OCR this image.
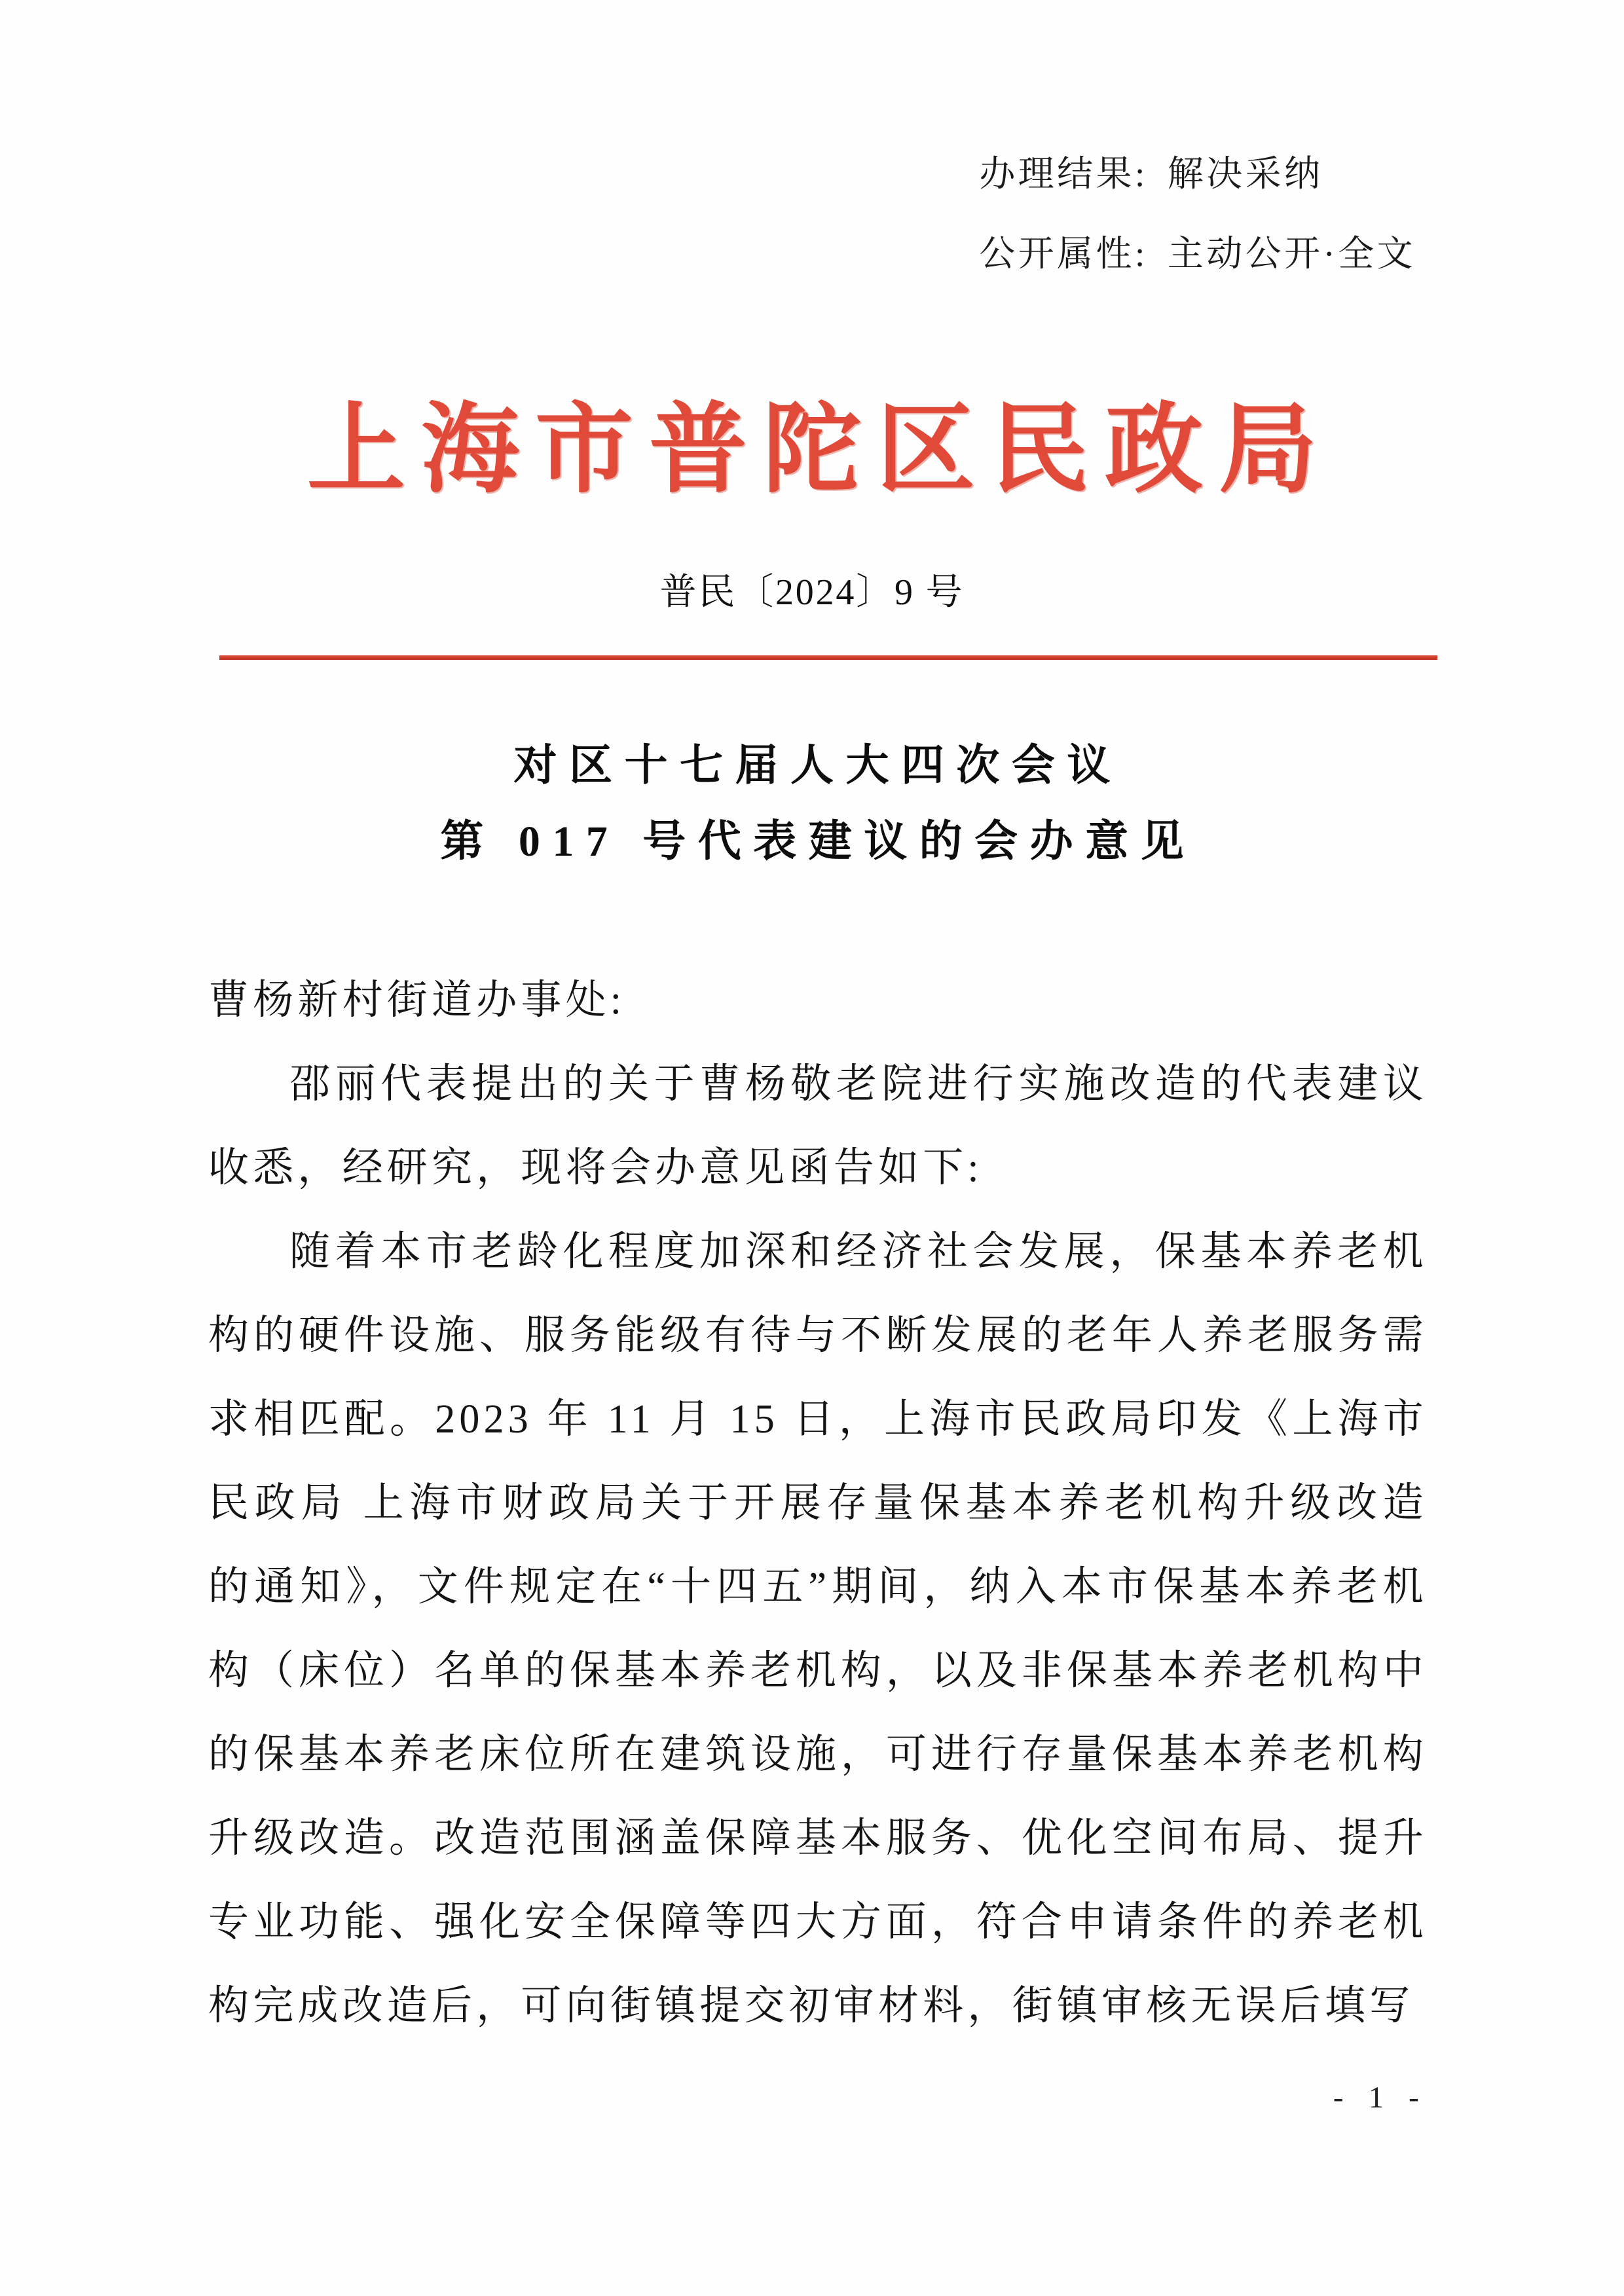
办理结果: 解决采纳
公开属性: 主动公开·全文
上海市普陀区民政局
普民〔2024〕9 号
对区十七届人大四次会议
第 017 号代表建议的会办意见

曹杨新村街道办事处:

邵丽代表提出的关于曹杨敬老院进行实施改造的代表建议收悉，经研究，现将会办意见函告如下:

随着本市老龄化程度加深和经济社会发展，保基本养老机构的硬件设施、服务能级有待与不断发展的老年人养老服务需求相匹配。2023 年 11 月 15 日，上海市民政局印发《上海市民政局 上海市财政局关于开展存量保基本养老机构升级改造的通知》，文件规定在“十四五”期间，纳入本市保基本养老机构（床位）名单的保基本养老机构，以及非保基本养老机构中的保基本养老床位所在建筑设施，可进行存量保基本养老机构升级改造。改造范围涵盖保障基本服务、优化空间布局、提升专业功能、强化安全保障等四大方面，符合申请条件的养老机构完成改造后，可向街镇提交初审材料，街镇审核无误后填写

- 1 -
